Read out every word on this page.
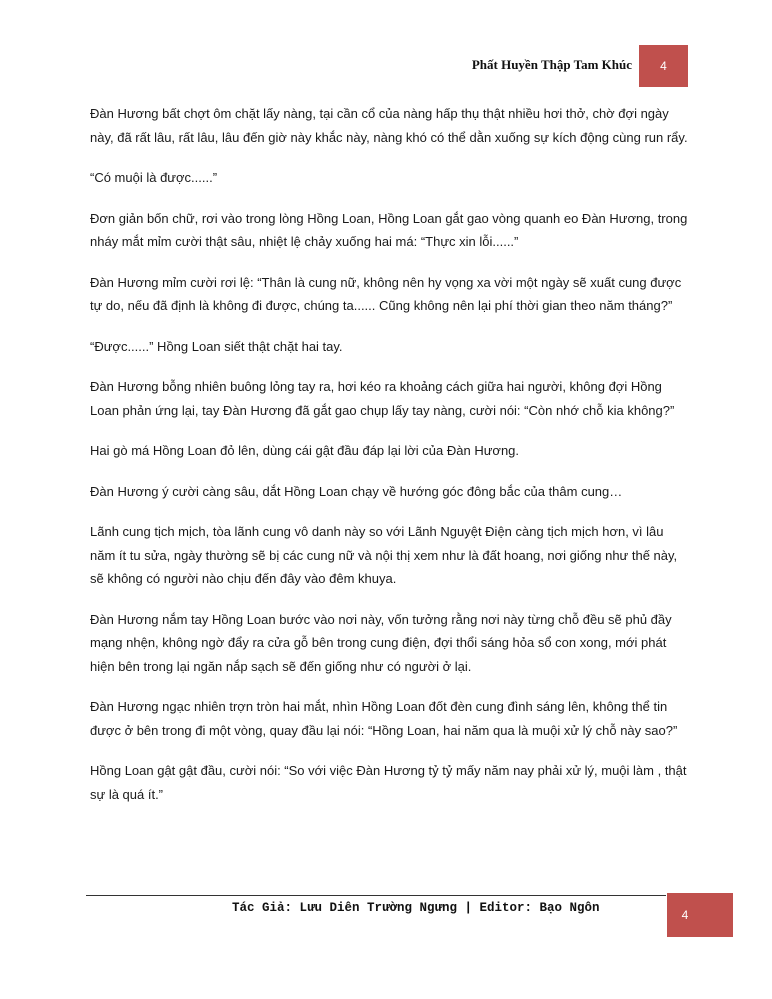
Phất Huyền Thập Tam Khúc	4

Đàn Hương bất chợt ôm chặt lấy nàng, tại cần cổ của nàng hấp thụ thật nhiều hơi thở, chờ đợi ngày này, đã rất lâu, rất lâu, lâu đến giờ này khắc này, nàng khó có thể dằn xuống sự kích động cùng run rẩy.

“Có muội là được......”

Đơn giản bốn chữ, rơi vào trong lòng Hồng Loan, Hồng Loan gắt gao vòng quanh eo Đàn Hương, trong nháy mắt mỉm cười thật sâu, nhiệt lệ chảy xuống hai má: “Thực xin lỗi......”

Đàn Hương mỉm cười rơi lệ: “Thân là cung nữ, không nên hy vọng xa vời một ngày sẽ xuất cung được tự do, nếu đã định là không đi được, chúng ta...... Cũng không nên lại phí thời gian theo năm tháng?”

“Được......” Hồng Loan siết thật chặt hai tay.

Đàn Hương bỗng nhiên buông lỏng tay ra, hơi kéo ra khoảng cách giữa hai người, không đợi Hồng Loan phản ứng lại, tay Đàn Hương đã gắt gao chụp lấy tay nàng, cười nói: “Còn nhớ chỗ kia không?”

Hai gò má Hồng Loan đỏ lên, dùng cái gật đầu đáp lại lời của Đàn Hương.

Đàn Hương ý cười càng sâu, dắt Hồng Loan chạy về hướng góc đông bắc của thâm cung…

Lãnh cung tịch mịch, tòa lãnh cung vô danh này so với Lãnh Nguyệt Điện càng tịch mịch hơn, vì lâu năm ít tu sửa, ngày thường sẽ bị các cung nữ và nội thị xem như là đất hoang, nơi giống như thế này, sẽ không có người nào chịu đến đây vào đêm khuya.

Đàn Hương nắm tay Hồng Loan bước vào nơi này, vốn tưởng rằng nơi này từng chỗ đều sẽ phủ đầy mạng nhện, không ngờ đẩy ra cửa gỗ bên trong cung điện, đợi thổi sáng hỏa sổ con xong, mới phát hiện bên trong lại ngăn nắp sạch sẽ đến giống như có người ở lại.

Đàn Hương ngạc nhiên trợn tròn hai mắt, nhìn Hồng Loan đốt đèn cung đình sáng lên, không thể tin được ở bên trong đi một vòng, quay đầu lại nói: “Hồng Loan, hai năm qua là muội xử lý chỗ này sao?”

Hồng Loan gật gật đầu, cười nói: “So với việc Đàn Hương tỷ tỷ mấy năm nay phải xử lý, muội làm , thật sự là quá ít.”

Tác Giả: Lưu Diên Trường Ngưng | Editor: Bạo Ngôn	4
